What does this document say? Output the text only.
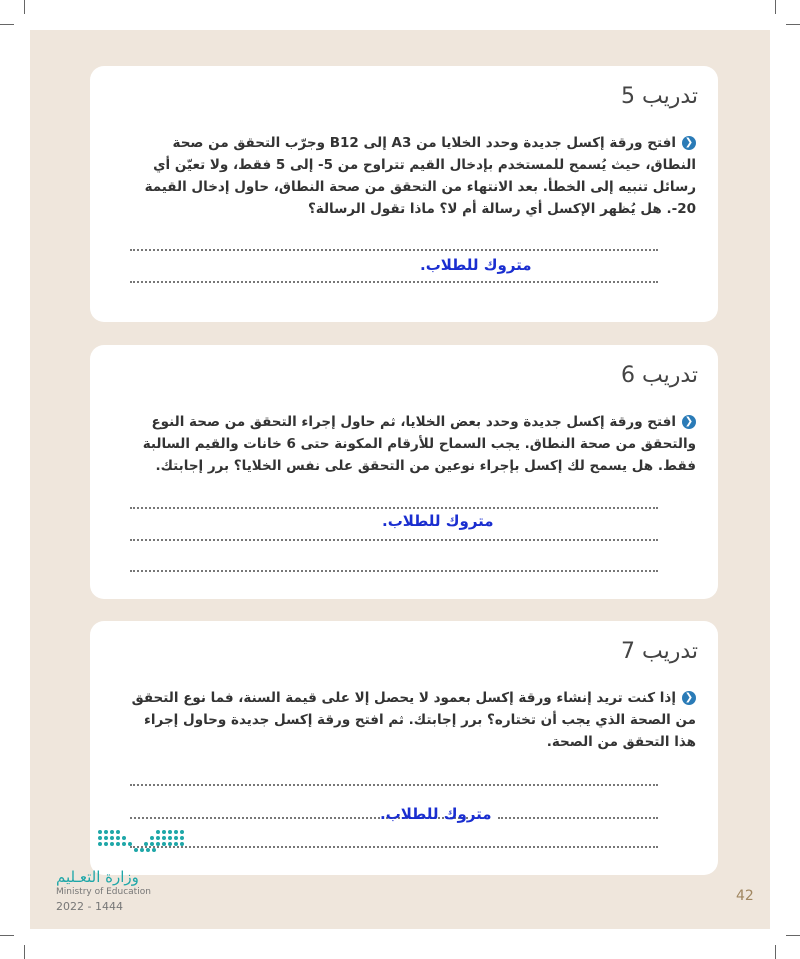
تدريب 5

❮افتح ورقة إكسل جديدة وحدد الخلايا من A3 إلى B12 وجرّب التحقق من صحة النطاق، حيث يُسمح للمستخدم بإدخال القيم تتراوح من 5- إلى 5 فقط، ولا تعيّن أي رسائل تنبيه إلى الخطأ. بعد الانتهاء من التحقق من صحة النطاق، حاول إدخال القيمة 20-. هل يُظهر الإكسل أي رسالة أم لا؟ ماذا تقول الرسالة؟

متروك للطلاب.
تدريب 6

❮افتح ورقة إكسل جديدة وحدد بعض الخلايا، ثم حاول إجراء التحقق من صحة النوع والتحقق من صحة النطاق. يجب السماح للأرقام المكونة حتى 6 خانات والقيم السالبة فقط. هل يسمح لك إكسل بإجراء نوعين من التحقق على نفس الخلايا؟ برر إجابتك.

متروك للطلاب.
تدريب 7

❮إذا كنت تريد إنشاء ورقة إكسل بعمود لا يحصل إلا على قيمة السنة، فما نوع التحقق من الصحة الذي يجب أن تختاره؟ برر إجابتك. ثم افتح ورقة إكسل جديدة وحاول إجراء هذا التحقق من الصحة.

متروك للطلاب.
وزارة التعـليم
Ministry of Education
2022 - 1444
42
